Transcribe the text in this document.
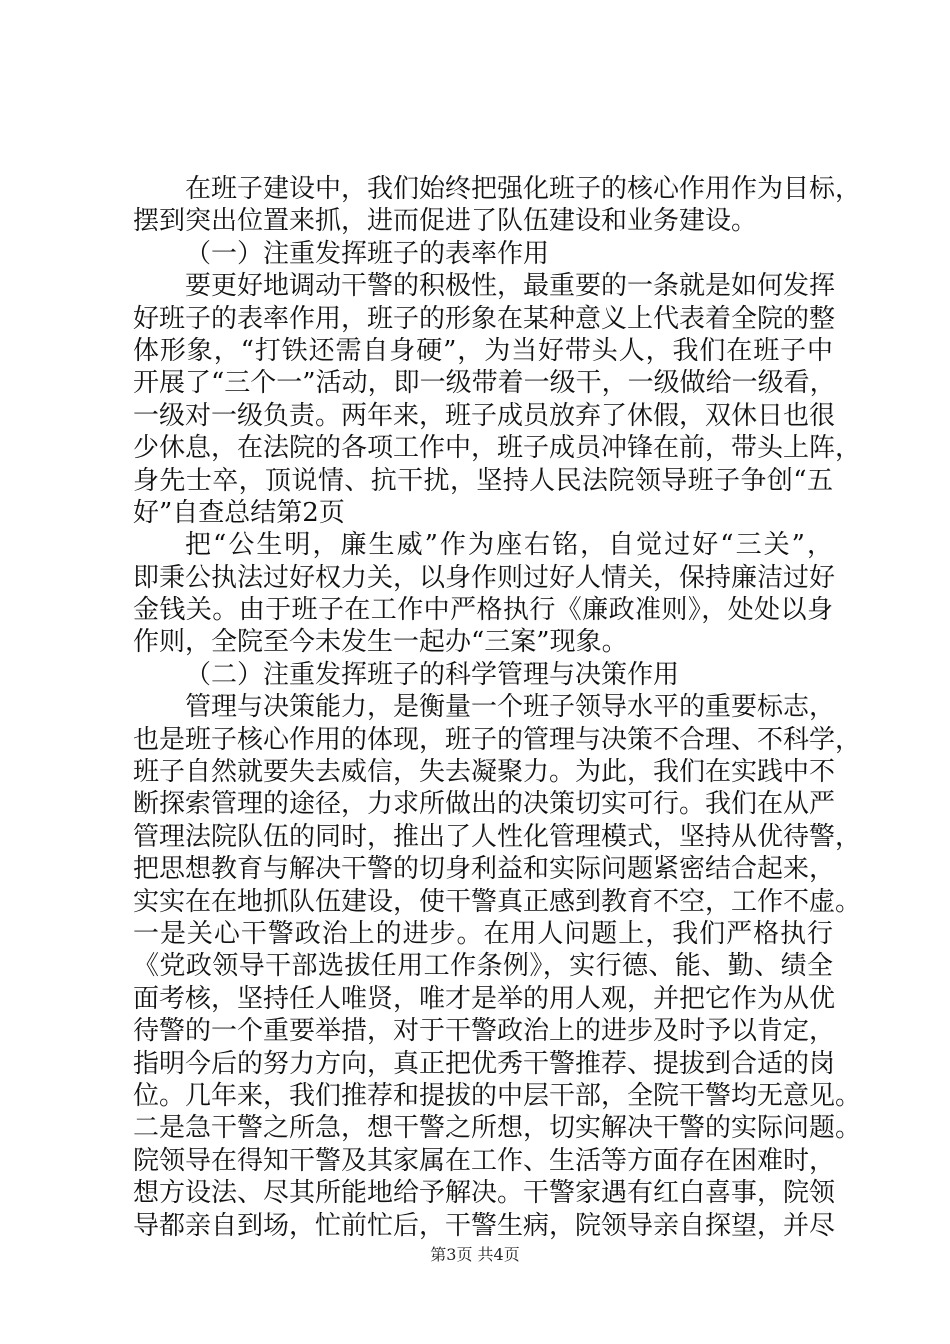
在班子建设中，我们始终把强化班子的核心作用作为目标，
摆到突出位置来抓，进而促进了队伍建设和业务建设。
（一）注重发挥班子的表率作用
要更好地调动干警的积极性，最重要的一条就是如何发挥
好班子的表率作用，班子的形象在某种意义上代表着全院的整
体形象，“打铁还需自身硬”，为当好带头人，我们在班子中
开展了“三个一”活动，即一级带着一级干，一级做给一级看，
一级对一级负责。两年来，班子成员放弃了休假，双休日也很
少休息，在法院的各项工作中，班子成员冲锋在前，带头上阵，
身先士卒，顶说情、抗干扰，坚持人民法院领导班子争创“五
好”自查总结第2页
把“公生明，廉生威”作为座右铭，自觉过好“三关”，
即秉公执法过好权力关，以身作则过好人情关，保持廉洁过好
金钱关。由于班子在工作中严格执行《廉政准则》，处处以身
作则，全院至今未发生一起办“三案”现象。
（二）注重发挥班子的科学管理与决策作用
管理与决策能力，是衡量一个班子领导水平的重要标志，
也是班子核心作用的体现，班子的管理与决策不合理、不科学，
班子自然就要失去威信，失去凝聚力。为此，我们在实践中不
断探索管理的途径，力求所做出的决策切实可行。我们在从严
管理法院队伍的同时，推出了人性化管理模式，坚持从优待警，
把思想教育与解决干警的切身利益和实际问题紧密结合起来，
实实在在地抓队伍建设，使干警真正感到教育不空，工作不虚。
一是关心干警政治上的进步。在用人问题上，我们严格执行
《党政领导干部选拔任用工作条例》，实行德、能、勤、绩全
面考核，坚持任人唯贤，唯才是举的用人观，并把它作为从优
待警的一个重要举措，对于干警政治上的进步及时予以肯定，
指明今后的努力方向，真正把优秀干警推荐、提拔到合适的岗
位。几年来，我们推荐和提拔的中层干部，全院干警均无意见。
二是急干警之所急，想干警之所想，切实解决干警的实际问题。
院领导在得知干警及其家属在工作、生活等方面存在困难时，
想方设法、尽其所能地给予解决。干警家遇有红白喜事，院领
导都亲自到场，忙前忙后，干警生病，院领导亲自探望，并尽
第3页 共4页
